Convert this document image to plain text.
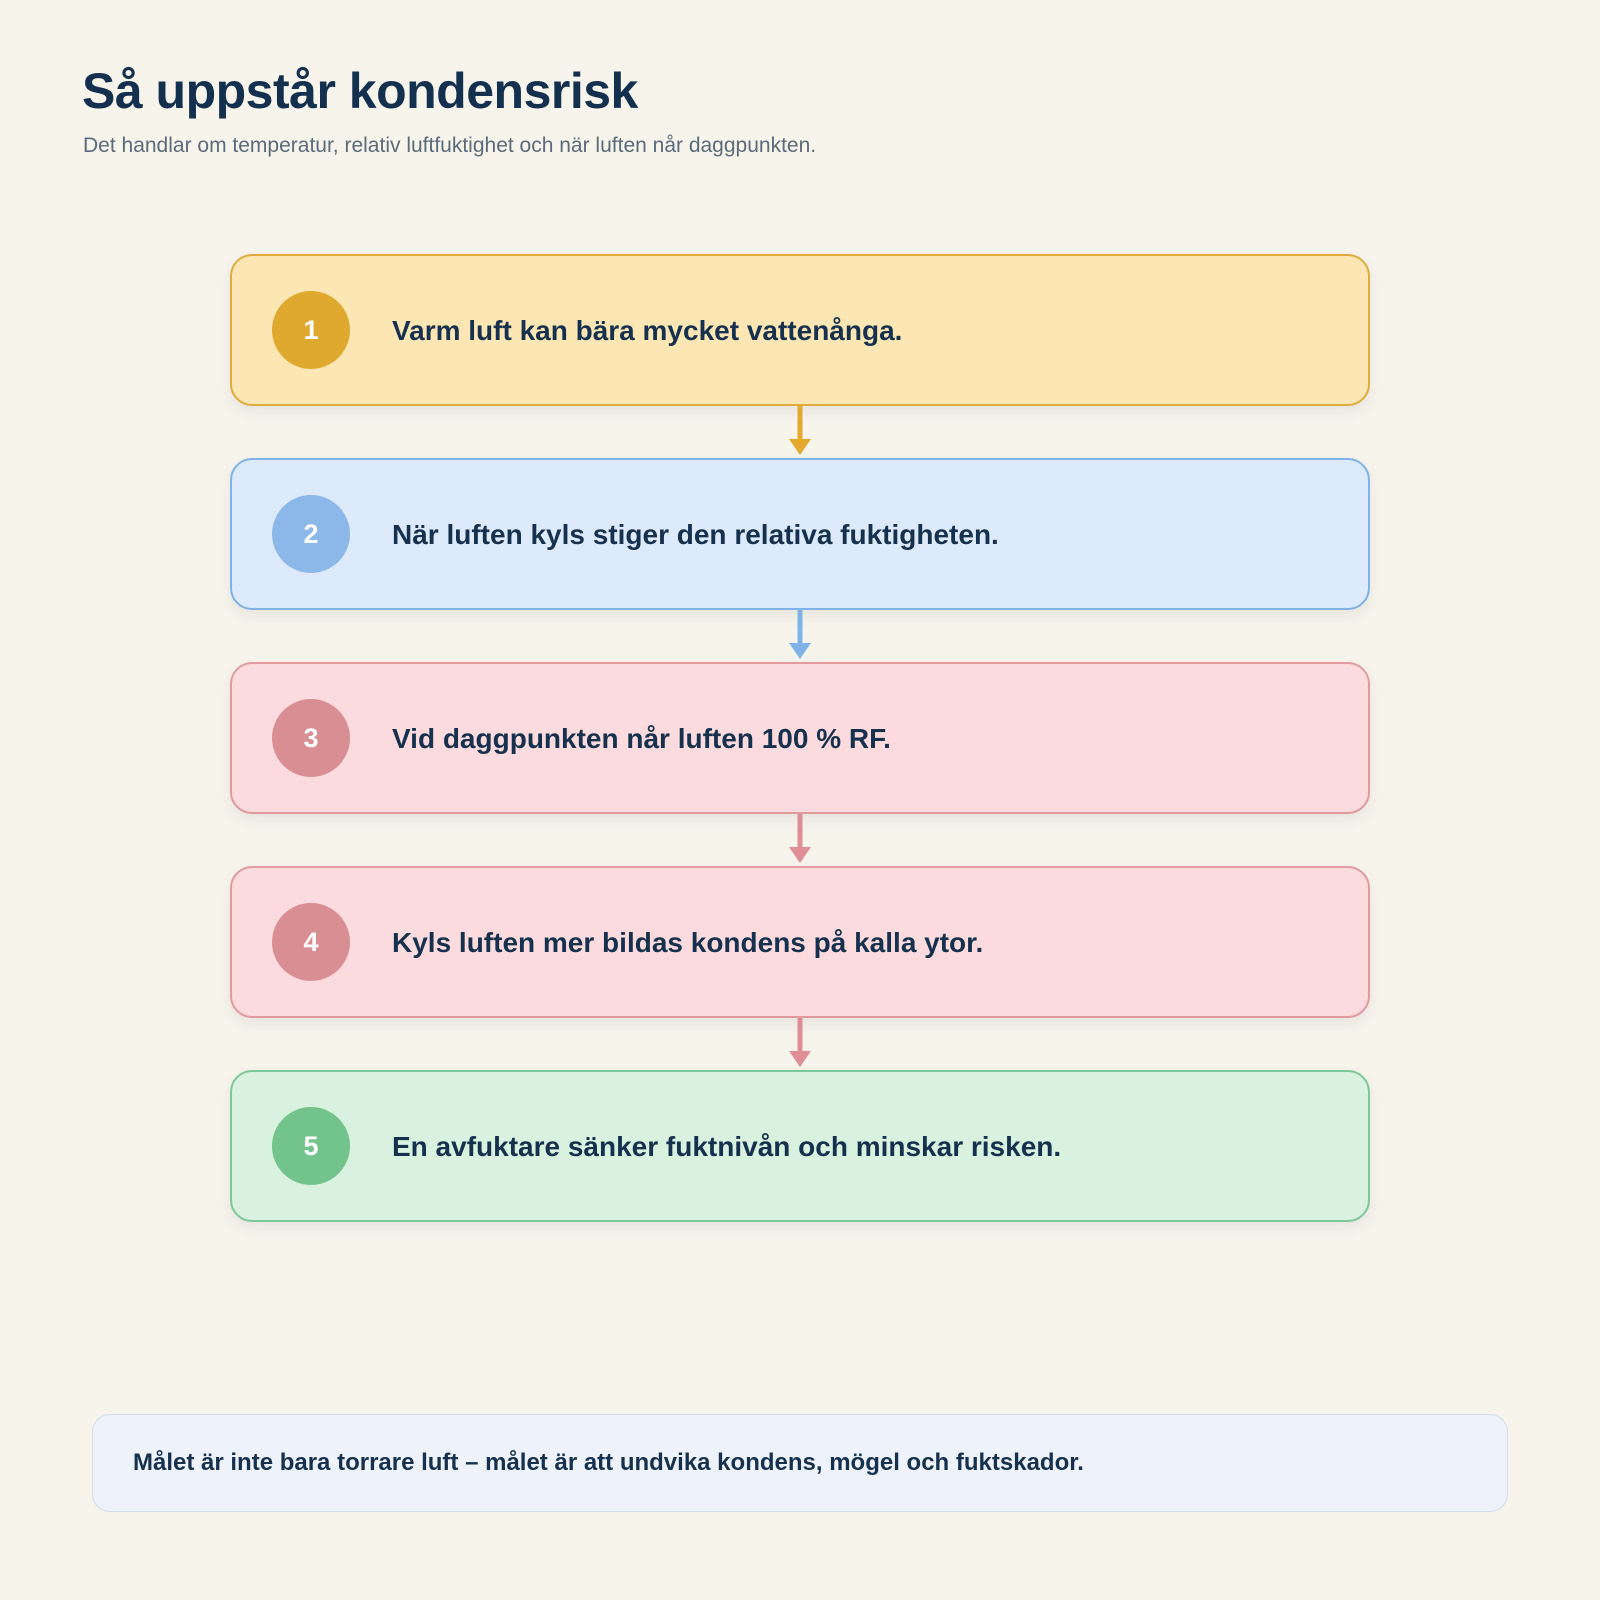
Så uppstår kondensrisk

Det handlar om temperatur, relativ luftfuktighet och när luften når daggpunkten.

1	Varm luft kan bära mycket vattenånga.
2	När luften kyls stiger den relativa fuktigheten.
3	Vid daggpunkten når luften 100 % RF.
4	Kyls luften mer bildas kondens på kalla ytor.
5	En avfuktare sänker fuktnivån och minskar risken.
Målet är inte bara torrare luft – målet är att undvika kondens, mögel och fuktskador.
